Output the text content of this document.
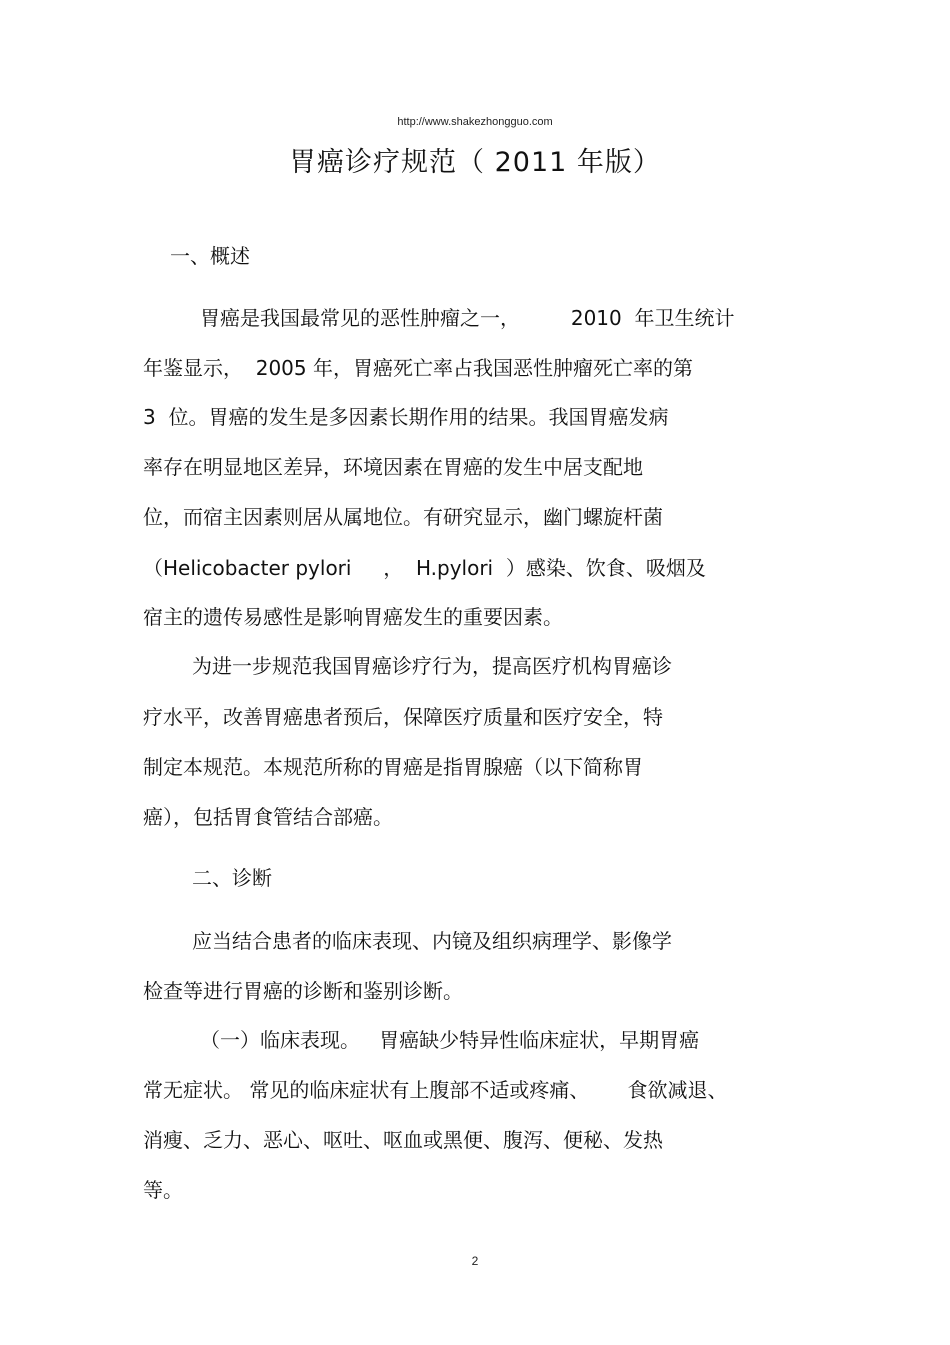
http://www.shakezhongguo.com
胃癌诊疗规范（ 2011 年版）
一、概述
胃癌是我国最常见的恶性肿瘤之一，        2010  年卫生统计
年鉴显示，  2005 年，胃癌死亡率占我国恶性肿瘤死亡率的第
3  位。胃癌的发生是多因素长期作用的结果。我国胃癌发病
率存在明显地区差异，环境因素在胃癌的发生中居支配地
位，而宿主因素则居从属地位。有研究显示，幽门螺旋杆菌
（Helicobacter pylori     ，  H.pylori  ）感染、饮食、吸烟及
宿主的遗传易感性是影响胃癌发生的重要因素。
为进一步规范我国胃癌诊疗行为，提高医疗机构胃癌诊
疗水平，改善胃癌患者预后，保障医疗质量和医疗安全，特
制定本规范。本规范所称的胃癌是指胃腺癌（以下简称胃
癌），包括胃食管结合部癌。
二、诊断
应当结合患者的临床表现、内镜及组织病理学、影像学
检查等进行胃癌的诊断和鉴别诊断。
（一）临床表现。   胃癌缺少特异性临床症状，早期胃癌
常无症状。 常见的临床症状有上腹部不适或疼痛、      食欲减退、
消瘦、乏力、恶心、呕吐、呕血或黑便、腹泻、便秘、发热
等。
2
